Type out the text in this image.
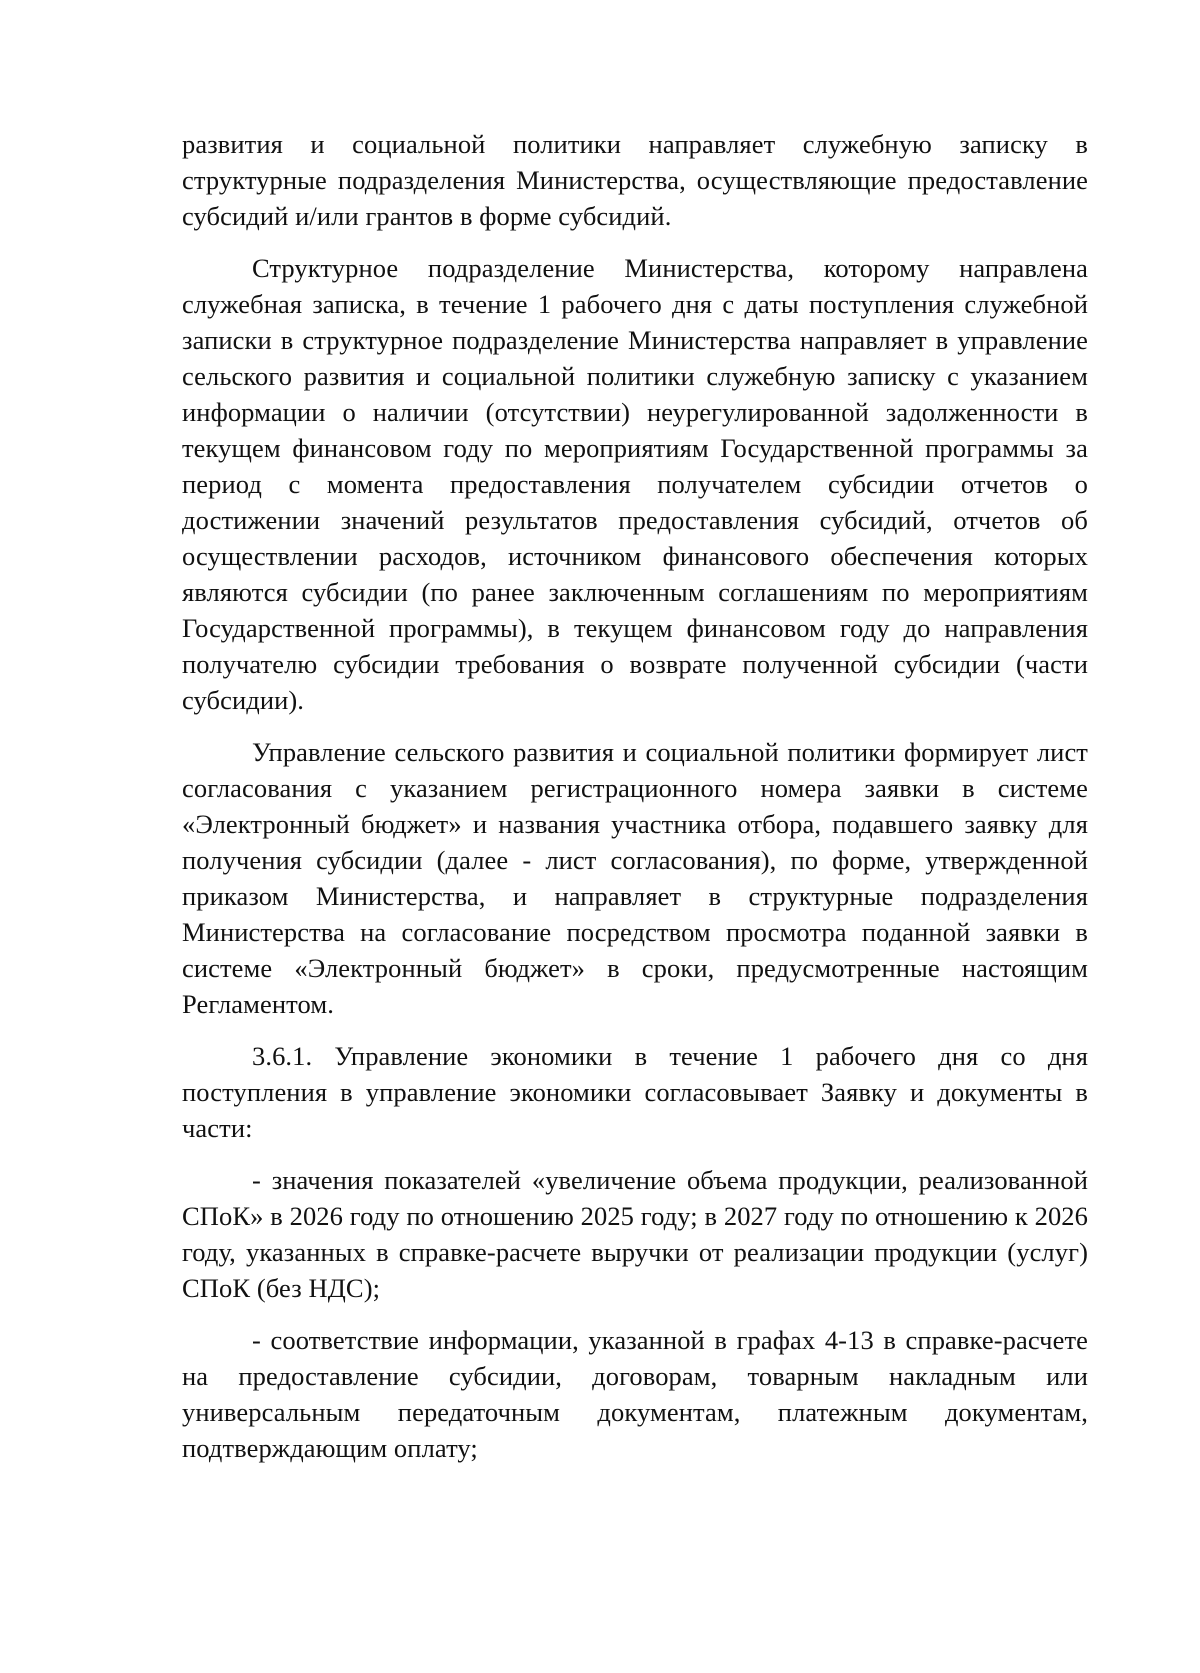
развития и социальной политики направляет служебную записку в структурные подразделения Министерства, осуществляющие предоставление субсидий и/или грантов в форме субсидий.

Структурное подразделение Министерства, которому направлена служебная записка, в течение 1 рабочего дня с даты поступления служебной записки в структурное подразделение Министерства направляет в управление сельского развития и социальной политики служебную записку с указанием информации о наличии (отсутствии) неурегулированной задолженности в текущем финансовом году по мероприятиям Государственной программы за период с момента предоставления получателем субсидии отчетов о достижении значений результатов предоставления субсидий, отчетов об осуществлении расходов, источником финансового обеспечения которых являются субсидии (по ранее заключенным соглашениям по мероприятиям Государственной программы), в текущем финансовом году до направления получателю субсидии требования о возврате полученной субсидии (части субсидии).

Управление сельского развития и социальной политики формирует лист согласования с указанием регистрационного номера заявки в системе «Электронный бюджет» и названия участника отбора, подавшего заявку для получения субсидии (далее - лист согласования), по форме, утвержденной приказом Министерства, и направляет в структурные подразделения Министерства на согласование посредством просмотра поданной заявки в системе «Электронный бюджет» в сроки, предусмотренные настоящим Регламентом.

3.6.1. Управление экономики в течение 1 рабочего дня со дня поступления в управление экономики согласовывает Заявку и документы в части:

- значения показателей «увеличение объема продукции, реализованной СПоК» в 2026 году по отношению 2025 году; в 2027 году по отношению к 2026 году, указанных в справке-расчете выручки от реализации продукции (услуг) СПоК (без НДС);

- соответствие информации, указанной в графах 4-13 в справке-расчете на предоставление субсидии, договорам, товарным накладным или универсальным передаточным документам, платежным документам, подтверждающим оплату;
